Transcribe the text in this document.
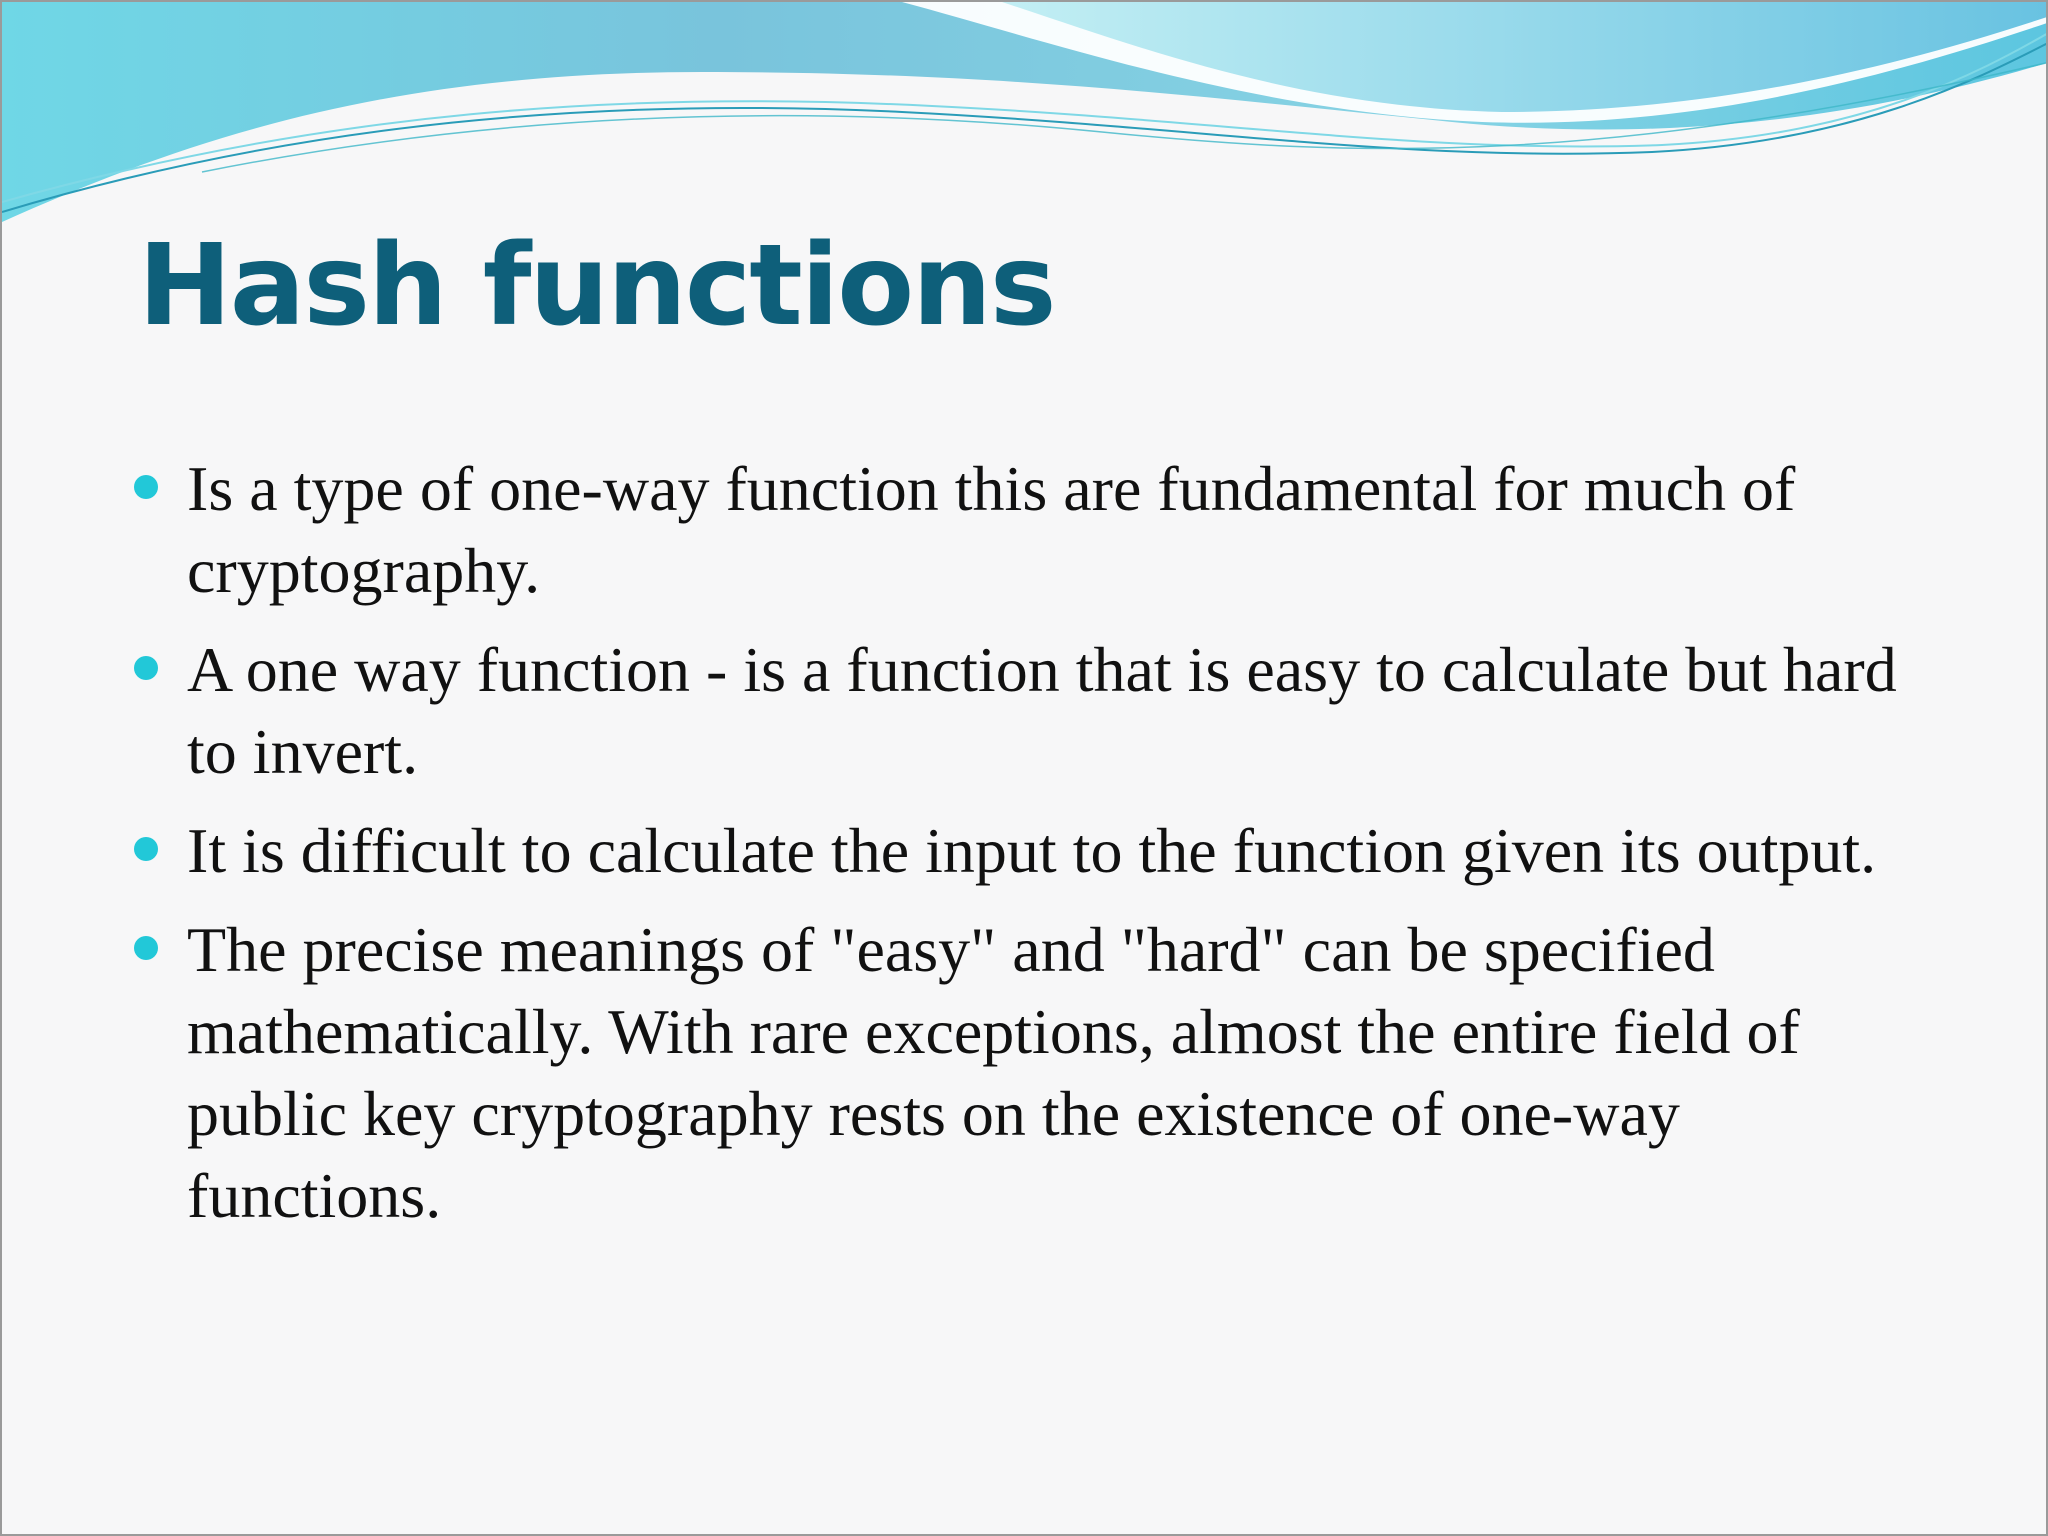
Hash functions
Is a type of one-way function this are fundamental for much of cryptography.
A one way function - is a function that is easy to calculate but hard to invert.
It is difficult to calculate the input to the function given its output.
The precise meanings of "easy" and "hard" can be specified mathematically. With rare exceptions, almost the entire field of public key cryptography rests on the existence of one-way functions.
